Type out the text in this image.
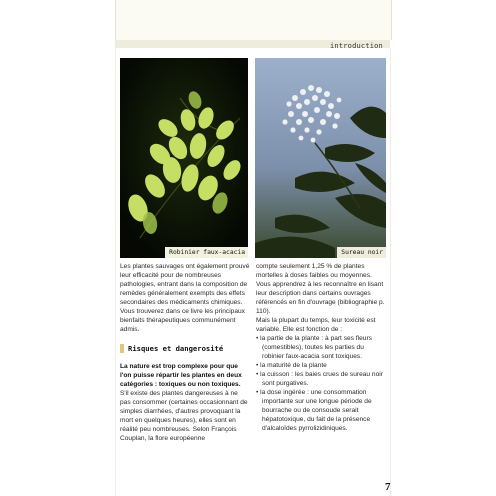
introduction
Robinier faux-acacia	Sureau noir

Les plantes sauvages ont également prouvé leur efficacité pour de nombreuses pathologies, entrant dans la composition de remèdes généralement exempts des effets secondaires des médicaments chimiques. Vous trouverez dans ce livre les principaux bienfaits thérapeutiques communément admis.

Risques et dangerosité

La nature est trop complexe pour que l'on puisse répartir les plantes en deux catégories : toxiques ou non toxiques.

S'il existe des plantes dangereuses à ne pas consommer (certaines occasionnant de simples diarrhées, d'autres provoquant la mort en quelques heures), elles sont en réalité peu nombreuses. Selon François Couplan, la flore européenne

compte seulement 1,25 % de plantes mortelles à doses faibles ou moyennes. Vous apprendrez à les reconnaître en lisant leur description dans certains ouvrages référencés en fin d'ouvrage (bibliographie p. 110).

Mais la plupart du temps, leur toxicité est variable. Elle est fonction de :

• la partie de la plante : à part ses fleurs (comestibles), toutes les parties du robinier faux-acacia sont toxiques.
• la maturité de la plante
• la cuisson : les baies crues de sureau noir sont purgatives.
• la dose ingérée : une consommation importante sur une longue période de bourrache ou de consoude serait hépatotoxique, du fait de la présence d'alcaloïdes pyrrolizidiniques.
7
